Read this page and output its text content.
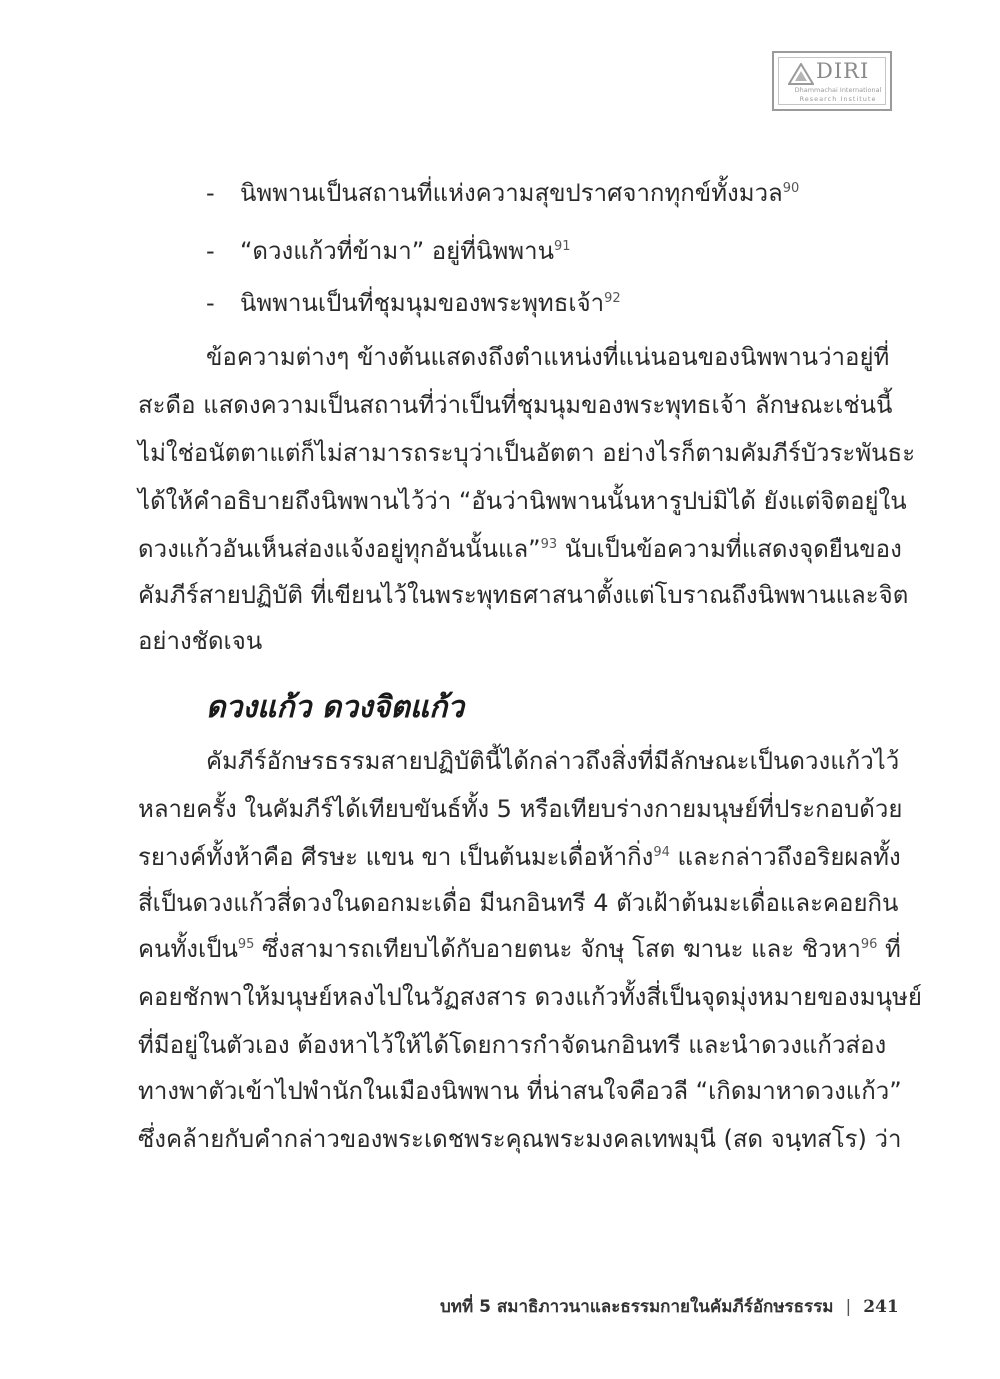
DIRI
Dhammachai International
Research Institute
- นิพพานเป็นสถานที่แห่งความสุขปราศจากทุกข์ทั้งมวล$^{90}$
- “ดวงแก้วที่ข้ามา” อยู่ที่นิพพาน$^{91}$
- นิพพานเป็นที่ชุมนุมของพระพุทธเจ้า$^{92}$
ข้อความต่างๆ ข้างต้นแสดงถึงตำแหน่งที่แน่นอนของนิพพานว่าอยู่ที่
สะดือ แสดงความเป็นสถานที่ว่าเป็นที่ชุมนุมของพระพุทธเจ้า ลักษณะเช่นนี้
ไม่ใช่อนัตตาแต่ก็ไม่สามารถระบุว่าเป็นอัตตา อย่างไรก็ตามคัมภีร์บัวระพันธะ
ได้ให้คำอธิบายถึงนิพพานไว้ว่า “อันว่านิพพานนั้นหารูปบ่มิได้ ยังแต่จิตอยู่ใน
ดวงแก้วอันเห็นส่องแจ้งอยู่ทุกอันนั้นแล”$^{93}$ นับเป็นข้อความที่แสดงจุดยืนของ
คัมภีร์สายปฏิบัติ ที่เขียนไว้ในพระพุทธศาสนาตั้งแต่โบราณถึงนิพพานและจิต
อย่างชัดเจน
ดวงแก้ว ดวงจิตแก้ว
คัมภีร์อักษรธรรมสายปฏิบัตินี้ได้กล่าวถึงสิ่งที่มีลักษณะเป็นดวงแก้วไว้
หลายครั้ง ในคัมภีร์ได้เทียบขันธ์ทั้ง 5 หรือเทียบร่างกายมนุษย์ที่ประกอบด้วย
รยางค์ทั้งห้าคือ ศีรษะ แขน ขา เป็นต้นมะเดื่อห้ากิ่ง$^{94}$ และกล่าวถึงอริยผลทั้ง
สี่เป็นดวงแก้วสี่ดวงในดอกมะเดื่อ มีนกอินทรี 4 ตัวเฝ้าต้นมะเดื่อและคอยกิน
คนทั้งเป็น$^{95}$ ซึ่งสามารถเทียบได้กับอายตนะ จักษุ โสต ฆานะ และ ชิวหา$^{96}$ ที่
คอยชักพาให้มนุษย์หลงไปในวัฏสงสาร ดวงแก้วทั้งสี่เป็นจุดมุ่งหมายของมนุษย์
ที่มีอยู่ในตัวเอง ต้องหาไว้ให้ได้โดยการกำจัดนกอินทรี และนำดวงแก้วส่อง
ทางพาตัวเข้าไปพำนักในเมืองนิพพาน ที่น่าสนใจคือวลี “เกิดมาหาดวงแก้ว”
ซึ่งคล้ายกับคำกล่าวของพระเดชพระคุณพระมงคลเทพมุนี (สด จนฺทสโร) ว่า
บทที่ 5 สมาธิภาวนาและธรรมกายในคัมภีร์อักษรธรรม | 241
